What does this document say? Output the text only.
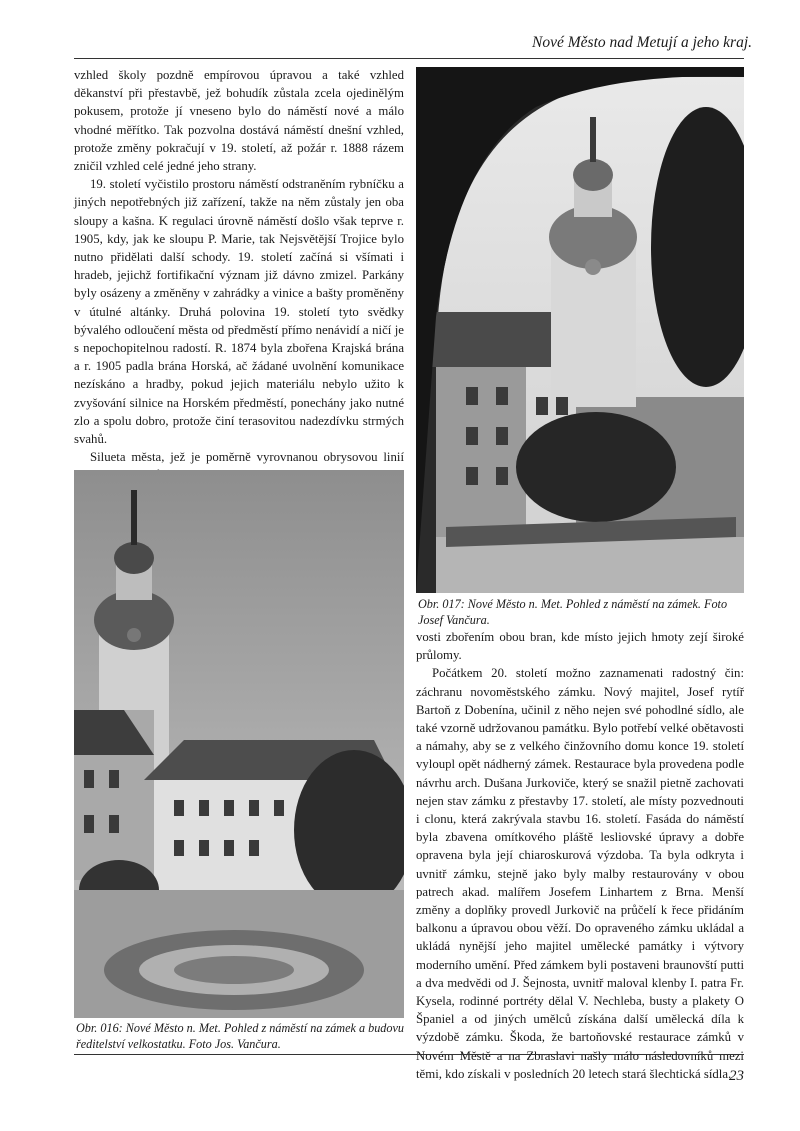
Nové Město nad Metují a jeho kraj.

vzhled školy pozdně empírovou úpravou a také vzhled děkanství při přestavbě, jež bohudík zůstala zcela ojedinělým pokusem, protože jí vneseno bylo do náměstí nové a málo vhodné měřítko. Tak pozvolna dostává náměstí dnešní vzhled, protože změny pokračují v 19. století, až požár r. 1888 rázem zničil vzhled celé jedné jeho strany.

19. století vyčistilo prostoru náměstí odstraněním rybníčku a jiných nepotřebných již zařízení, takže na něm zůstaly jen oba sloupy a kašna. K regulaci úrovně náměstí došlo však teprve r. 1905, kdy, jak ke sloupu P. Marie, tak Nejsvětější Trojice bylo nutno přidělati další schody. 19. století začíná si všímati i hradeb, jejichž fortifikační význam již dávno zmizel. Parkány byly osázeny a změněny v zahrádky a vinice a bašty proměněny v útulné altánky. Druhá polovina 19. století tyto svědky bývalého odloučení města od předměstí přímo nenávidí a ničí je s nepochopitelnou radostí. R. 1874 byla zbořena Krajská brána a r. 1905 padla brána Horská, ač žádané uvolnění komunikace nezískáno a hradby, pokud jejich materiálu nebylo užito k zvyšování silnice na Horském předměstí, ponechány jako nutné zlo a spolu dobro, protože činí terasovitou nadezdívku strmých svahů.

Silueta města, jež je poměrně vyrovnanou obrysovou linií

Obr. 017: Nové Město n. Met. Pohled z náměstí na zámek. Foto Josef Vančura.
Obr. 016: Nové Město n. Met. Pohled z náměstí na zámek a budovu ředitelství velkostatku. Foto Jos. Vančura.

vosti zbořením obou bran, kde místo jejich hmoty zejí široké průlomy.

Počátkem 20. století možno zaznamenati radostný čin: záchranu novoměstského zámku. Nový majitel, Josef rytíř Bartoň z Dobenína, učinil z něho nejen své pohodlné sídlo, ale také vzorně udržovanou památku. Bylo potřebí velké obětavosti a námahy, aby se z velkého činžovního domu konce 19. století vyloupl opět nádherný zámek. Restaurace byla provedena podle návrhu arch. Dušana Jurkoviče, který se snažil pietně zachovati nejen stav zámku z přestavby 17. století, ale místy pozvednouti i clonu, která zakrývala stavbu 16. století. Fasáda do náměstí byla zbavena omítkového pláště lesliovské úpravy a dobře opravena byla její chiaroskurová výzdoba. Ta byla odkryta i uvnitř zámku, stejně jako byly malby restaurovány v obou patrech akad. malířem Josefem Linhartem z Brna. Menší změny a doplňky provedl Jurkovič na průčelí k řece přidáním balkonu a úpravou obou věží. Do opraveného zámku ukládal a ukládá nynější jeho majitel umělecké památky i výtvory moderního umění. Před zámkem byli postaveni braunovští putti a dva medvědi od J. Šejnosta, uvnitř maloval klenby I. patra Fr. Kysela, rodinné portréty dělal V. Nechleba, busty a plakety O Španiel a od jiných umělců získána další umělecká díla k výzdobě zámku. Škoda, že bartoňovské restaurace zámků v Novém Městě a na Zbraslavi našly málo následovníků mezi těmi, kdo získali v posledních 20 letech stará šlechtická sídla.

23
